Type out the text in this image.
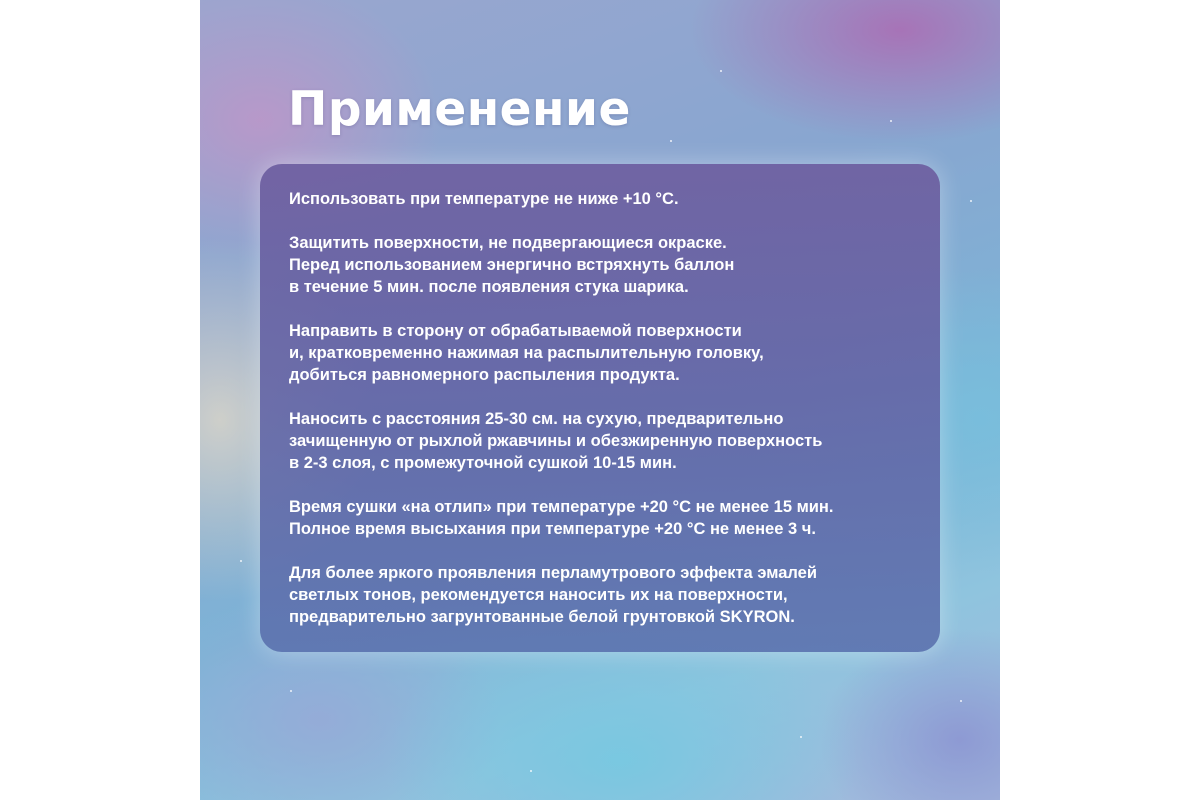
Применение

Использовать при температуре не ниже +10 °С.

Защитить поверхности, не подвергающиеся окраске.
Перед использованием энергично встряхнуть баллон
в течение 5 мин. после появления стука шарика.

Направить в сторону от обрабатываемой поверхности
и, кратковременно нажимая на распылительную головку,
добиться равномерного распыления продукта.

Наносить с расстояния 25-30 см. на сухую, предварительно
зачищенную от рыхлой ржавчины и обезжиренную поверхность
в 2-3 слоя, с промежуточной сушкой 10-15 мин.

Время сушки «на отлип» при температуре +20 °С не менее 15 мин.
Полное время высыхания при температуре +20 °С не менее 3 ч.

Для более яркого проявления перламутрового эффекта эмалей
светлых тонов, рекомендуется наносить их на поверхности,
предварительно загрунтованные белой грунтовкой SKYRON.
